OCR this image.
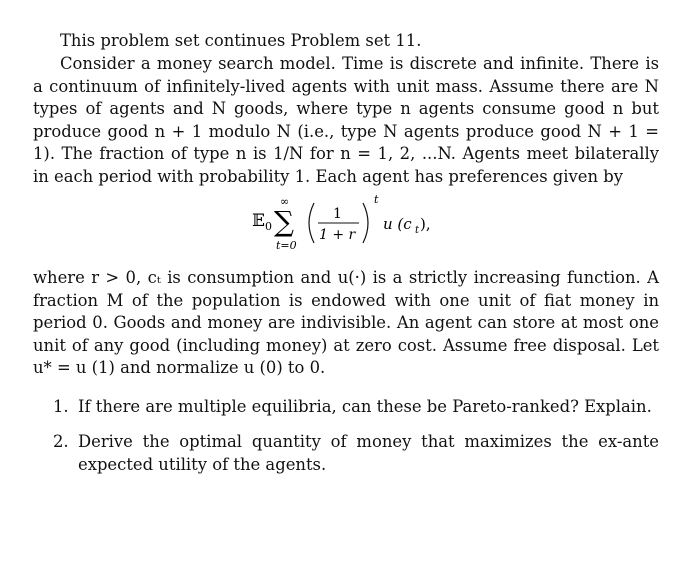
This problem set continues Problem set 11.

Consider a money search model. Time is discrete and infinite. There is a continuum of infinitely-lived agents with unit mass. Assume there are N types of agents and N goods, where type n agents consume good n but produce good n + 1 modulo N (i.e., type N agents produce good N + 1 = 1). The fraction of type n is 1/N for n = 1, 2, ...N. Agents meet bilaterally in each period with probability 1. Each agent has preferences given by

𝔼 0
∞
∑
t=0
1
1 + r
t
u (c t ),

where r > 0, cₜ is consumption and u(·) is a strictly increasing function. A fraction M of the population is endowed with one unit of fiat money in period 0. Goods and money are indivisible. An agent can store at most one unit of any good (including money) at zero cost. Assume free disposal. Let u* = u (1) and normalize u (0) to 0.

1. If there are multiple equilibria, can these be Pareto-ranked? Explain.
2. Derive the optimal quantity of money that maximizes the ex-ante expected utility of the agents.
